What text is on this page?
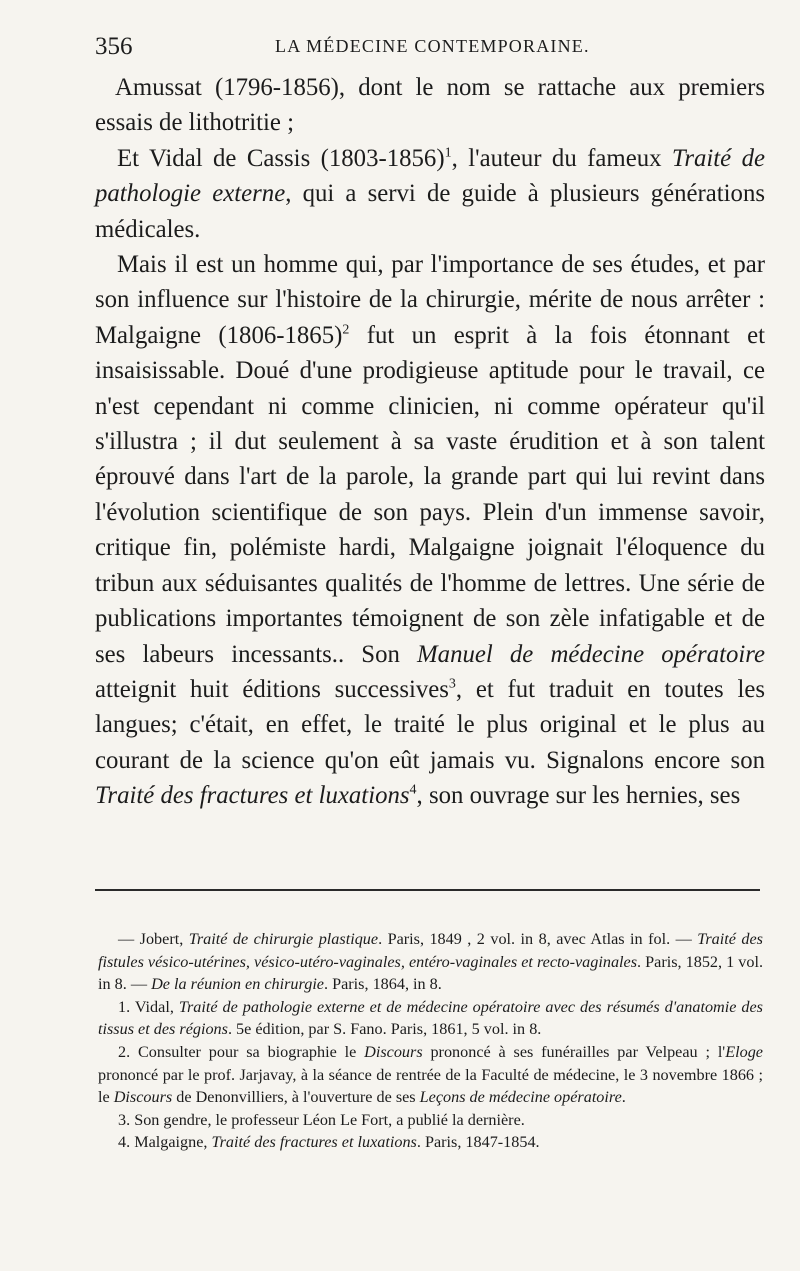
356	LA MÉDECINE CONTEMPORAINE.

Amussat (1796-1856), dont le nom se rattache aux premiers essais de lithotritie ;

Et Vidal de Cassis (1803-1856)$^1$, l'auteur du fameux Traité de pathologie externe, qui a servi de guide à plusieurs générations médicales.

Mais il est un homme qui, par l'importance de ses études, et par son influence sur l'histoire de la chirurgie, mérite de nous arrêter : Malgaigne (1806-1865)$^2$ fut un esprit à la fois étonnant et insaisissable. Doué d'une prodigieuse aptitude pour le travail, ce n'est cependant ni comme clinicien, ni comme opérateur qu'il s'illustra ; il dut seulement à sa vaste érudition et à son talent éprouvé dans l'art de la parole, la grande part qui lui revint dans l'évolution scientifique de son pays. Plein d'un immense savoir, critique fin, polémiste hardi, Malgaigne joignait l'éloquence du tribun aux séduisantes qualités de l'homme de lettres. Une série de publications importantes témoignent de son zèle infatigable et de ses labeurs incessants.. Son Manuel de médecine opératoire atteignit huit éditions successives$^3$, et fut traduit en toutes les langues; c'était, en effet, le traité le plus original et le plus au courant de la science qu'on eût jamais vu. Signalons encore son Traité des fractures et luxations$^4$, son ouvrage sur les hernies, ses

— Jobert, Traité de chirurgie plastique. Paris, 1849 , 2 vol. in 8, avec Atlas in fol. — Traité des fistules vésico-utérines, vésico-utéro-vaginales, entéro-vaginales et recto-vaginales. Paris, 1852, 1 vol. in 8. — De la réunion en chirurgie. Paris, 1864, in 8.

1. Vidal, Traité de pathologie externe et de médecine opératoire avec des résumés d'anatomie des tissus et des régions. 5e édition, par S. Fano. Paris, 1861, 5 vol. in 8.

2. Consulter pour sa biographie le Discours prononcé à ses funérailles par Velpeau ; l'Eloge prononcé par le prof. Jarjavay, à la séance de rentrée de la Faculté de médecine, le 3 novembre 1866 ; le Discours de Denonvilliers, à l'ouverture de ses Leçons de médecine opératoire.

3. Son gendre, le professeur Léon Le Fort, a publié la dernière.

4. Malgaigne, Traité des fractures et luxations. Paris, 1847-1854.
